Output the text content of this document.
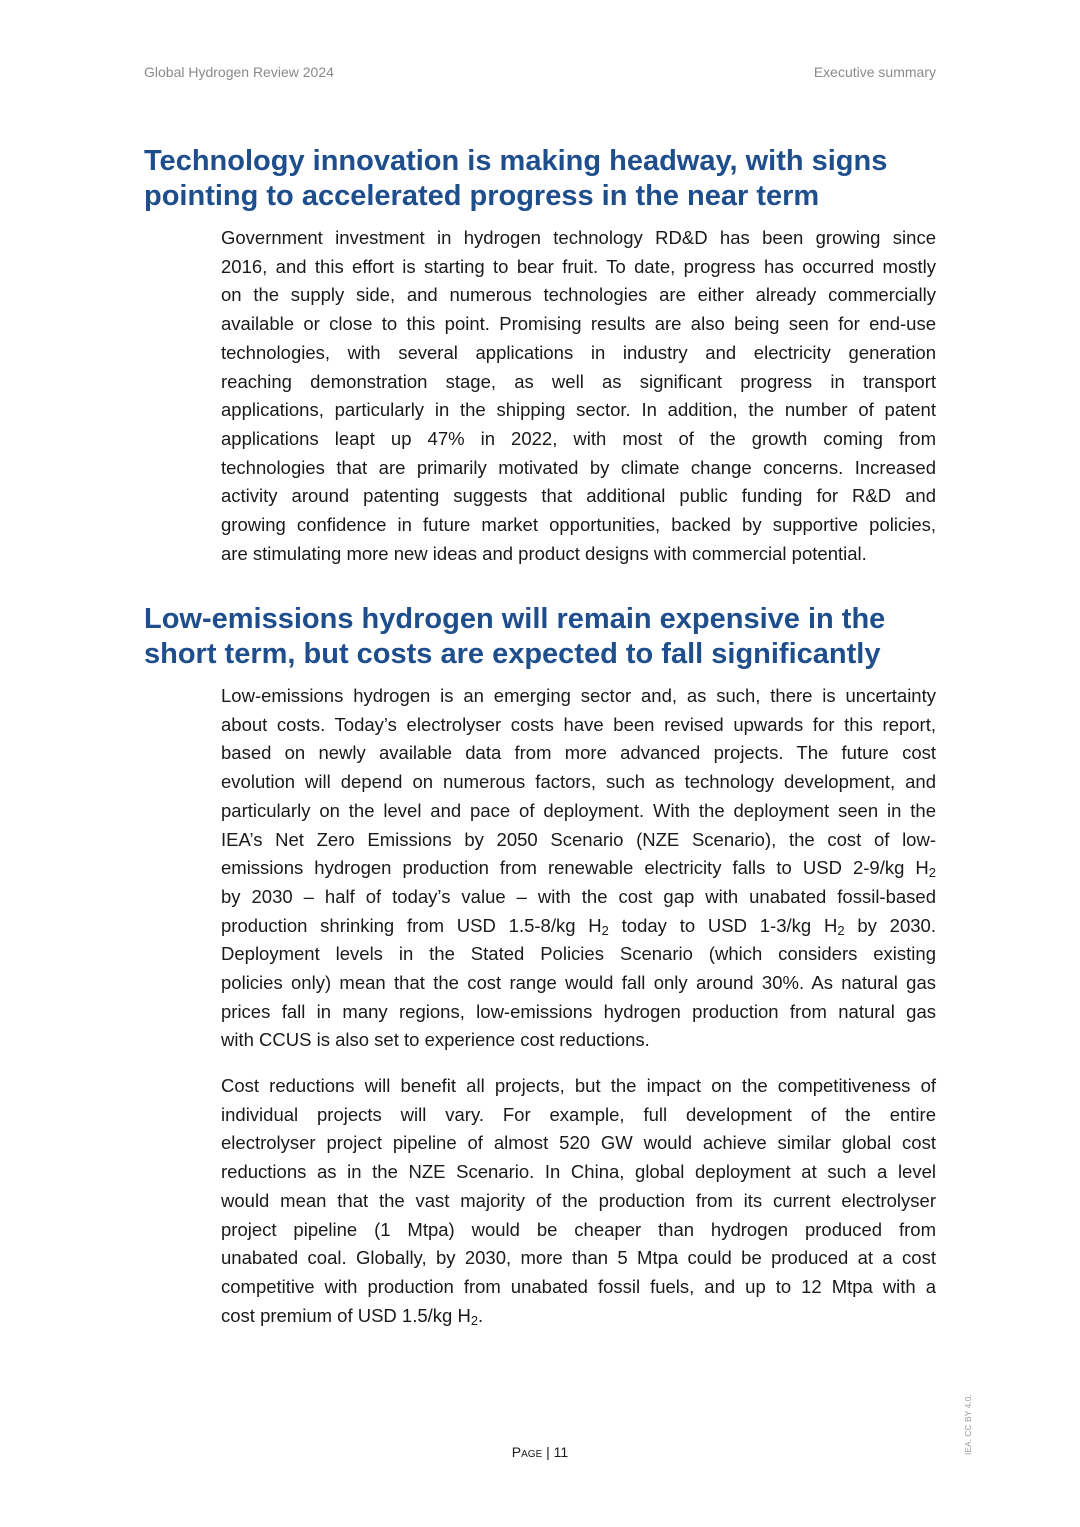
Global Hydrogen Review 2024	Executive summary
Technology innovation is making headway, with signs
pointing to accelerated progress in the near term

Government investment in hydrogen technology RD&D has been growing since
2016, and this effort is starting to bear fruit. To date, progress has occurred mostly
on the supply side, and numerous technologies are either already commercially
available or close to this point. Promising results are also being seen for end-use
technologies, with several applications in industry and electricity generation
reaching demonstration stage, as well as significant progress in transport
applications, particularly in the shipping sector. In addition, the number of patent
applications leapt up 47% in 2022, with most of the growth coming from
technologies that are primarily motivated by climate change concerns. Increased
activity around patenting suggests that additional public funding for R&D and
growing confidence in future market opportunities, backed by supportive policies,
are stimulating more new ideas and product designs with commercial potential.

Low-emissions hydrogen will remain expensive in the
short term, but costs are expected to fall significantly

Low-emissions hydrogen is an emerging sector and, as such, there is uncertainty
about costs. Today’s electrolyser costs have been revised upwards for this report,
based on newly available data from more advanced projects. The future cost
evolution will depend on numerous factors, such as technology development, and
particularly on the level and pace of deployment. With the deployment seen in the
IEA’s Net Zero Emissions by 2050 Scenario (NZE Scenario), the cost of low-
emissions hydrogen production from renewable electricity falls to USD 2-9/kg $H_2$
by 2030 – half of today’s value – with the cost gap with unabated fossil-based
production shrinking from USD 1.5-8/kg $H_2$ today to USD 1-3/kg $H_2$ by 2030.
Deployment levels in the Stated Policies Scenario (which considers existing
policies only) mean that the cost range would fall only around 30%. As natural gas
prices fall in many regions, low-emissions hydrogen production from natural gas
with CCUS is also set to experience cost reductions.

Cost reductions will benefit all projects, but the impact on the competitiveness of
individual projects will vary. For example, full development of the entire
electrolyser project pipeline of almost 520 GW would achieve similar global cost
reductions as in the NZE Scenario. In China, global deployment at such a level
would mean that the vast majority of the production from its current electrolyser
project pipeline (1 Mtpa) would be cheaper than hydrogen produced from
unabated coal. Globally, by 2030, more than 5 Mtpa could be produced at a cost
competitive with production from unabated fossil fuels, and up to 12 Mtpa with a
cost premium of USD 1.5/kg $H_2$.

Page | 11	IEA. CC BY 4.0.
